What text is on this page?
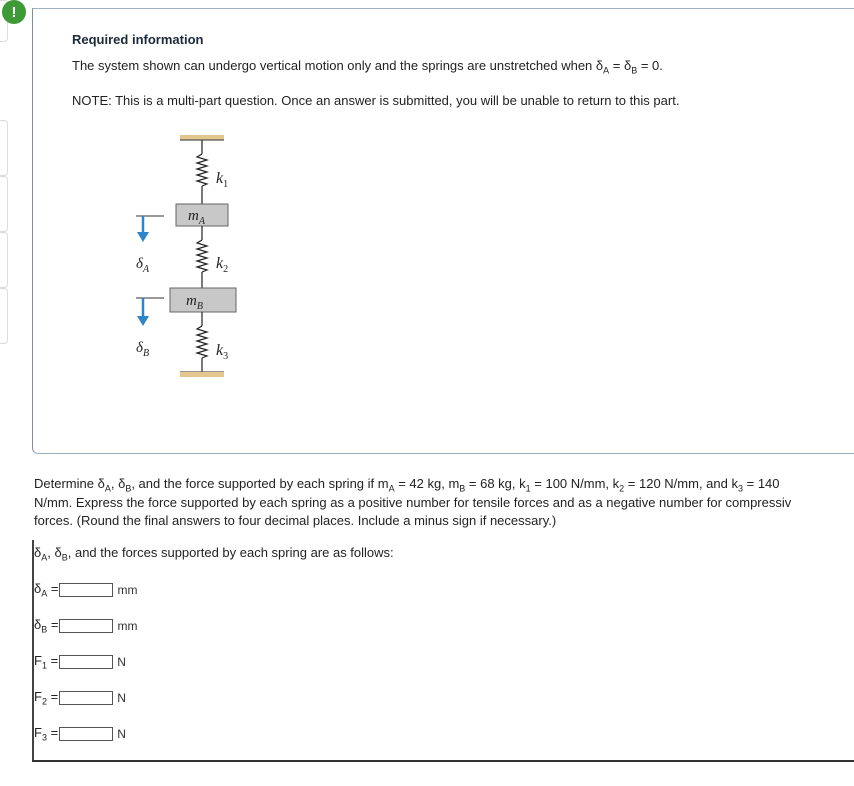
!
Required information
The system shown can undergo vertical motion only and the springs are unstretched when $\delta_A = \delta_B = 0$.
NOTE: This is a multi-part question. Once an answer is submitted, you will be unable to return to this part.
$k_1$
$k_2$
$k_3$
$m_A$
$m_B$
$\delta_A$
$\delta_B$
Determine $\delta_A$, $\delta_B$, and the force supported by each spring if $m_A = 42$ kg, $m_B = 68$ kg, $k_1 = 100$ N/mm, $k_2 = 120$ N/mm, and $k_3 = 140$
N/mm. Express the force supported by each spring as a positive number for tensile forces and as a negative number for compressiv
forces. (Round the final answers to four decimal places. Include a minus sign if necessary.)
$\delta_A$, $\delta_B$, and the forces supported by each spring are as follows:
$\delta_A$ =	mm
$\delta_B$ =	mm
$F_1$ =	N
$F_2$ =	N
$F_3$ =	N
